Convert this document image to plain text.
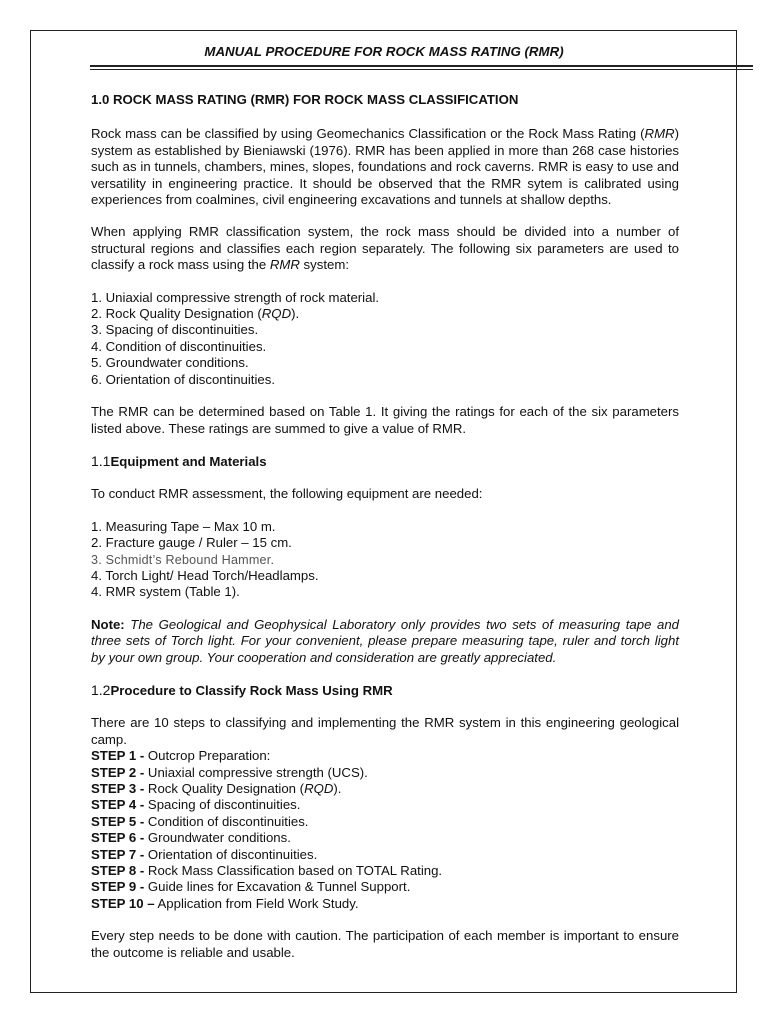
MANUAL PROCEDURE FOR ROCK MASS RATING (RMR)
1.0 ROCK MASS RATING (RMR) FOR ROCK MASS CLASSIFICATION

Rock mass can be classified by using Geomechanics Classification or the Rock Mass Rating (RMR) system as established by Bieniawski (1976). RMR has been applied in more than 268 case histories such as in tunnels, chambers, mines, slopes, foundations and rock caverns. RMR is easy to use and versatility in engineering practice. It should be observed that the RMR sytem is calibrated using experiences from coalmines, civil engineering excavations and tunnels at shallow depths.

When applying RMR classification system, the rock mass should be divided into a number of structural regions and classifies each region separately. The following six parameters are used to classify a rock mass using the RMR system:

1. Uniaxial compressive strength of rock material.
2. Rock Quality Designation (RQD).
3. Spacing of discontinuities.
4. Condition of discontinuities.
5. Groundwater conditions.
6. Orientation of discontinuities.

The RMR can be determined based on Table 1. It giving the ratings for each of the six parameters listed above. These ratings are summed to give a value of RMR.

1.1Equipment and Materials

To conduct RMR assessment, the following equipment are needed:

1. Measuring Tape – Max 10 m.
2. Fracture gauge / Ruler – 15 cm.
3. Schmidt’s Rebound Hammer.
4. Torch Light/ Head Torch/Headlamps.
4. RMR system (Table 1).

Note: The Geological and Geophysical Laboratory only provides two sets of measuring tape and three sets of Torch light. For your convenient, please prepare measuring tape, ruler and torch light by your own group. Your cooperation and consideration are greatly appreciated.

1.2Procedure to Classify Rock Mass Using RMR

There are 10 steps to classifying and implementing the RMR system in this engineering geological camp.

STEP 1 - Outcrop Preparation:
STEP 2 - Uniaxial compressive strength (UCS).
STEP 3 - Rock Quality Designation (RQD).
STEP 4 - Spacing of discontinuities.
STEP 5 - Condition of discontinuities.
STEP 6 - Groundwater conditions.
STEP 7 - Orientation of discontinuities.
STEP 8 - Rock Mass Classification based on TOTAL Rating.
STEP 9 - Guide lines for Excavation & Tunnel Support.
STEP 10 – Application from Field Work Study.

Every step needs to be done with caution. The participation of each member is important to ensure the outcome is reliable and usable.
